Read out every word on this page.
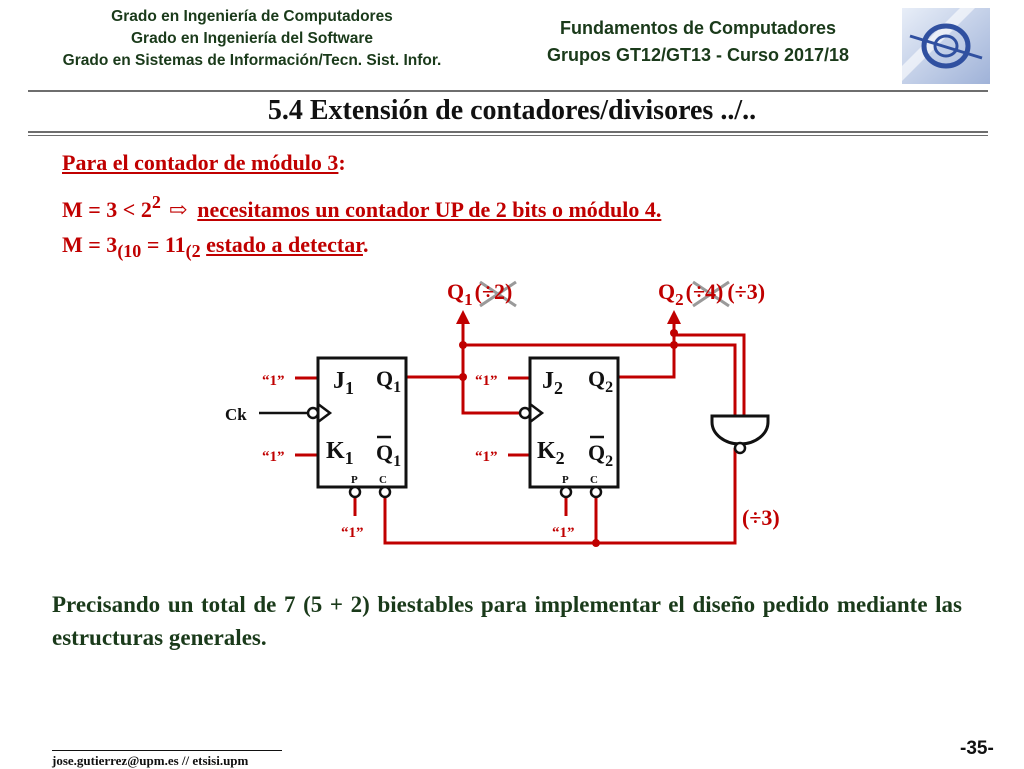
Grado en Ingeniería de Computadores
Grado en Ingeniería del Software
Grado en Sistemas de Información/Tecn. Sist. Infor.
Fundamentos de Computadores
Grupos GT12/GT13 - Curso 2017/18
5.4 Extensión de contadores/divisores ../..
Para el contador de módulo 3:
$M = 3 < 2^2$ ⇨ necesitamos un contador UP de 2 bits o módulo 4.
$M = 3_{(10} = 11_{(2}$ estado a detectar.
$J_1$
$K_1$
$Q_1$
$Q_1$
P C
$J_2$
$K_2$
$Q_2$
$Q_2$
P C
Ck
“1”
“1”
“1”
“1”
“1”	“1”
$Q_1(\div 2)$	$Q_2(\div 4)$ (÷3)
(÷3)
Precisando un total de 7 (5 + 2) biestables para implementar el diseño pedido mediante las estructuras generales.
jose.gutierrez@upm.es // etsisi.upm
-35-
